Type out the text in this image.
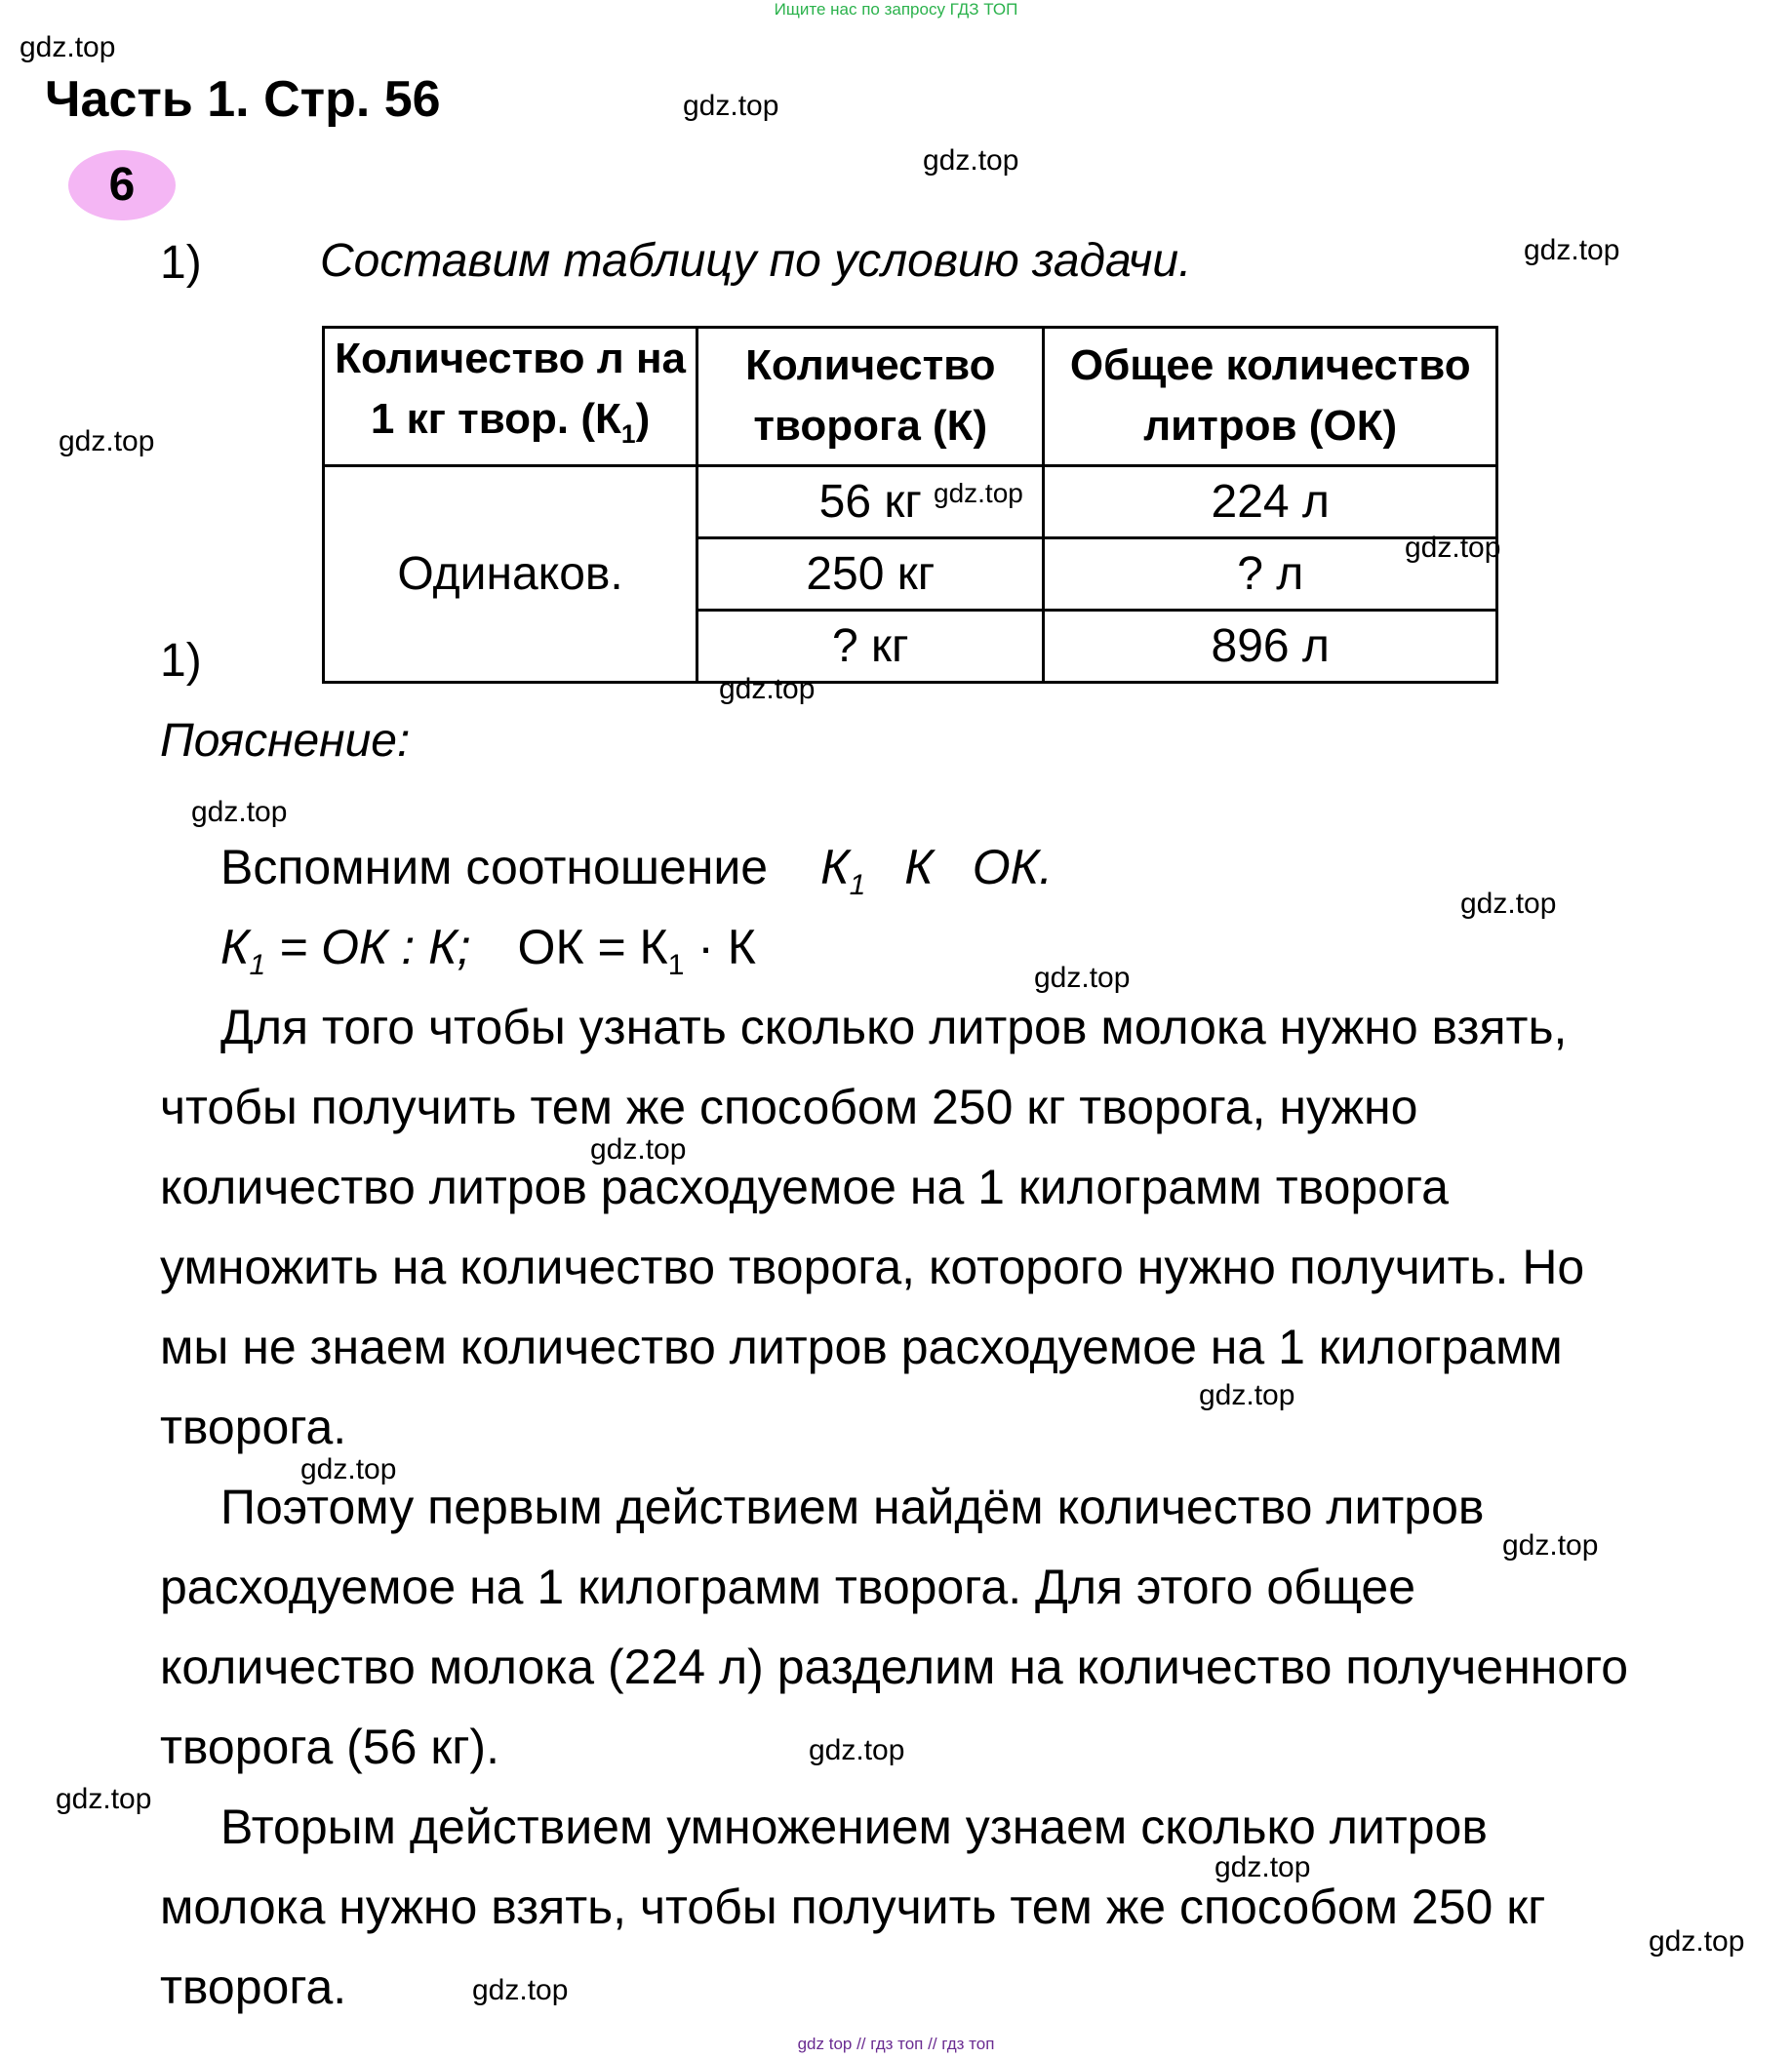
Ищите нас по запросу ГДЗ ТОП
gdz.top
gdz.top
gdz.top
gdz.top
gdz.top
gdz.top
gdz.top
gdz.top
gdz.top
gdz.top
gdz.top
gdz.top
gdz.top
gdz.top
gdz.top
gdz.top
gdz.top
gdz.top
gdz.top
gdz.top
Часть 1. Стр. 56
6
1)	Составим таблицу по условию задачи.
Количество л на 1 кг твор. $(К_1)$	Количество творога (К)	Общее количество литров (ОК)
Одинаков.	56 кг	224 л
	250 кг	? л
	? кг	896 л
1)
Пояснение:
Вспомним соотношение $К_1$ К ОК.
$К_1$ = ОК : К; ОК = $К_1 \cdot К$
Для того чтобы узнать сколько литров молока нужно взять,
чтобы получить тем же способом 250 кг творога, нужно
количество литров расходуемое на 1 килограмм творога
умножить на количество творога, которого нужно получить. Но
мы не знаем количество литров расходуемое на 1 килограмм
творога.
Поэтому первым действием найдём количество литров
расходуемое на 1 килограмм творога. Для этого общее
количество молока (224 л) разделим на количество полученного
творога (56 кг).
Вторым действием умножением узнаем сколько литров
молока нужно взять, чтобы получить тем же способом 250 кг
творога.
gdz top // гдз топ // гдз топ
